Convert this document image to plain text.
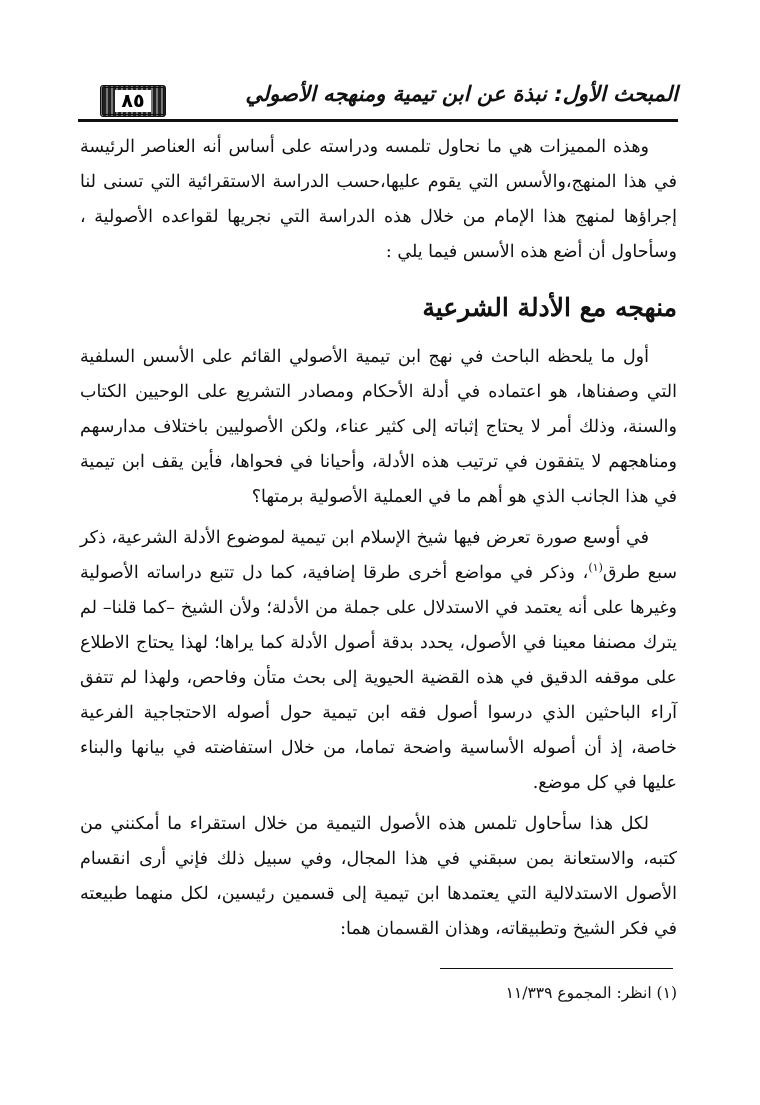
المبحث الأول: نبذة عن ابن تيمية ومنهجه الأصولي
٨٥

وهذه المميزات هي ما نحاول تلمسه ودراسته على أساس أنه العناصر الرئيسة في هذا المنهج،والأسس التي يقوم عليها،حسب الدراسة الاستقرائية التي تسنى لنا إجراؤها لمنهج هذا الإمام من خلال هذه الدراسة التي نجريها لقواعده الأصولية ، وسأحاول أن أضع هذه الأسس فيما يلي :

منهجه مع الأدلة الشرعية

أول ما يلحظه الباحث في نهج ابن تيمية الأصولي القائم على الأسس السلفية التي وصفناها، هو اعتماده في أدلة الأحكام ومصادر التشريع على الوحيين الكتاب والسنة، وذلك أمر لا يحتاج إثباته إلى كثير عناء، ولكن الأصوليين باختلاف مدارسهم ومناهجهم لا يتفقون في ترتيب هذه الأدلة، وأحيانا في فحواها، فأين يقف ابن تيمية في هذا الجانب الذي هو أهم ما في العملية الأصولية برمتها؟

في أوسع صورة تعرض فيها شيخ الإسلام ابن تيمية لموضوع الأدلة الشرعية، ذكر سبع طرق$^{(١)}$، وذكر في مواضع أخرى طرقا إضافية، كما دل تتبع دراساته الأصولية وغيرها على أنه يعتمد في الاستدلال على جملة من الأدلة؛ ولأن الشيخ –كما قلنا– لم يترك مصنفا معينا في الأصول، يحدد بدقة أصول الأدلة كما يراها؛ لهذا يحتاج الاطلاع على موقفه الدقيق في هذه القضية الحيوية إلى بحث متأن وفاحص، ولهذا لم تتفق آراء الباحثين الذي درسوا أصول فقه ابن تيمية حول أصوله الاحتجاجية الفرعية خاصة، إذ أن أصوله الأساسية واضحة تماما، من خلال استفاضته في بيانها والبناء عليها في كل موضع.

لكل هذا سأحاول تلمس هذه الأصول التيمية من خلال استقراء ما أمكنني من كتبه، والاستعانة بمن سبقني في هذا المجال، وفي سبيل ذلك فإني أرى انقسام الأصول الاستدلالية التي يعتمدها ابن تيمية إلى قسمين رئيسين، لكل منهما طبيعته في فكر الشيخ وتطبيقاته، وهذان القسمان هما:

(١) انظر: المجموع ١١/٣٣٩
